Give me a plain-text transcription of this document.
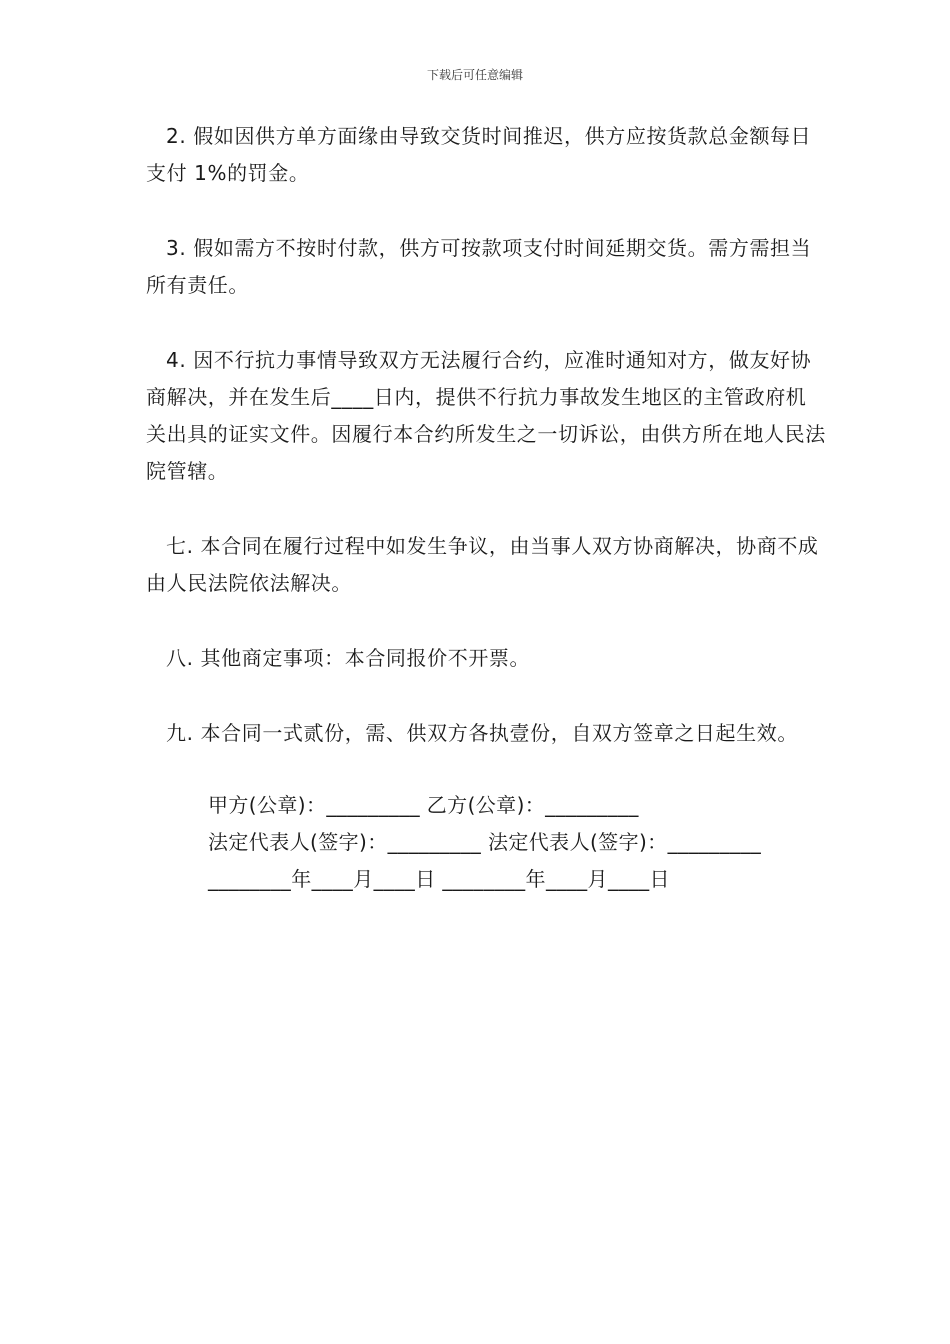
下载后可任意编辑

2. 假如因供方单方面缘由导致交货时间推迟，供方应按货款总金额每日支付 1%的罚金。

3. 假如需方不按时付款，供方可按款项支付时间延期交货。需方需担当所有责任。

4. 因不行抗力事情导致双方无法履行合约，应准时通知对方，做友好协商解决，并在发生后____日内，提供不行抗力事故发生地区的主管政府机关出具的证实文件。因履行本合约所发生之一切诉讼，由供方所在地人民法院管辖。

七. 本合同在履行过程中如发生争议，由当事人双方协商解决，协商不成由人民法院依法解决。

八. 其他商定事项：本合同报价不开票。

九. 本合同一式贰份，需、供双方各执壹份，自双方签章之日起生效。

甲方(公章)：_________ 乙方(公章)：_________
法定代表人(签字)：_________ 法定代表人(签字)：_________
________年____月____日 ________年____月____日
